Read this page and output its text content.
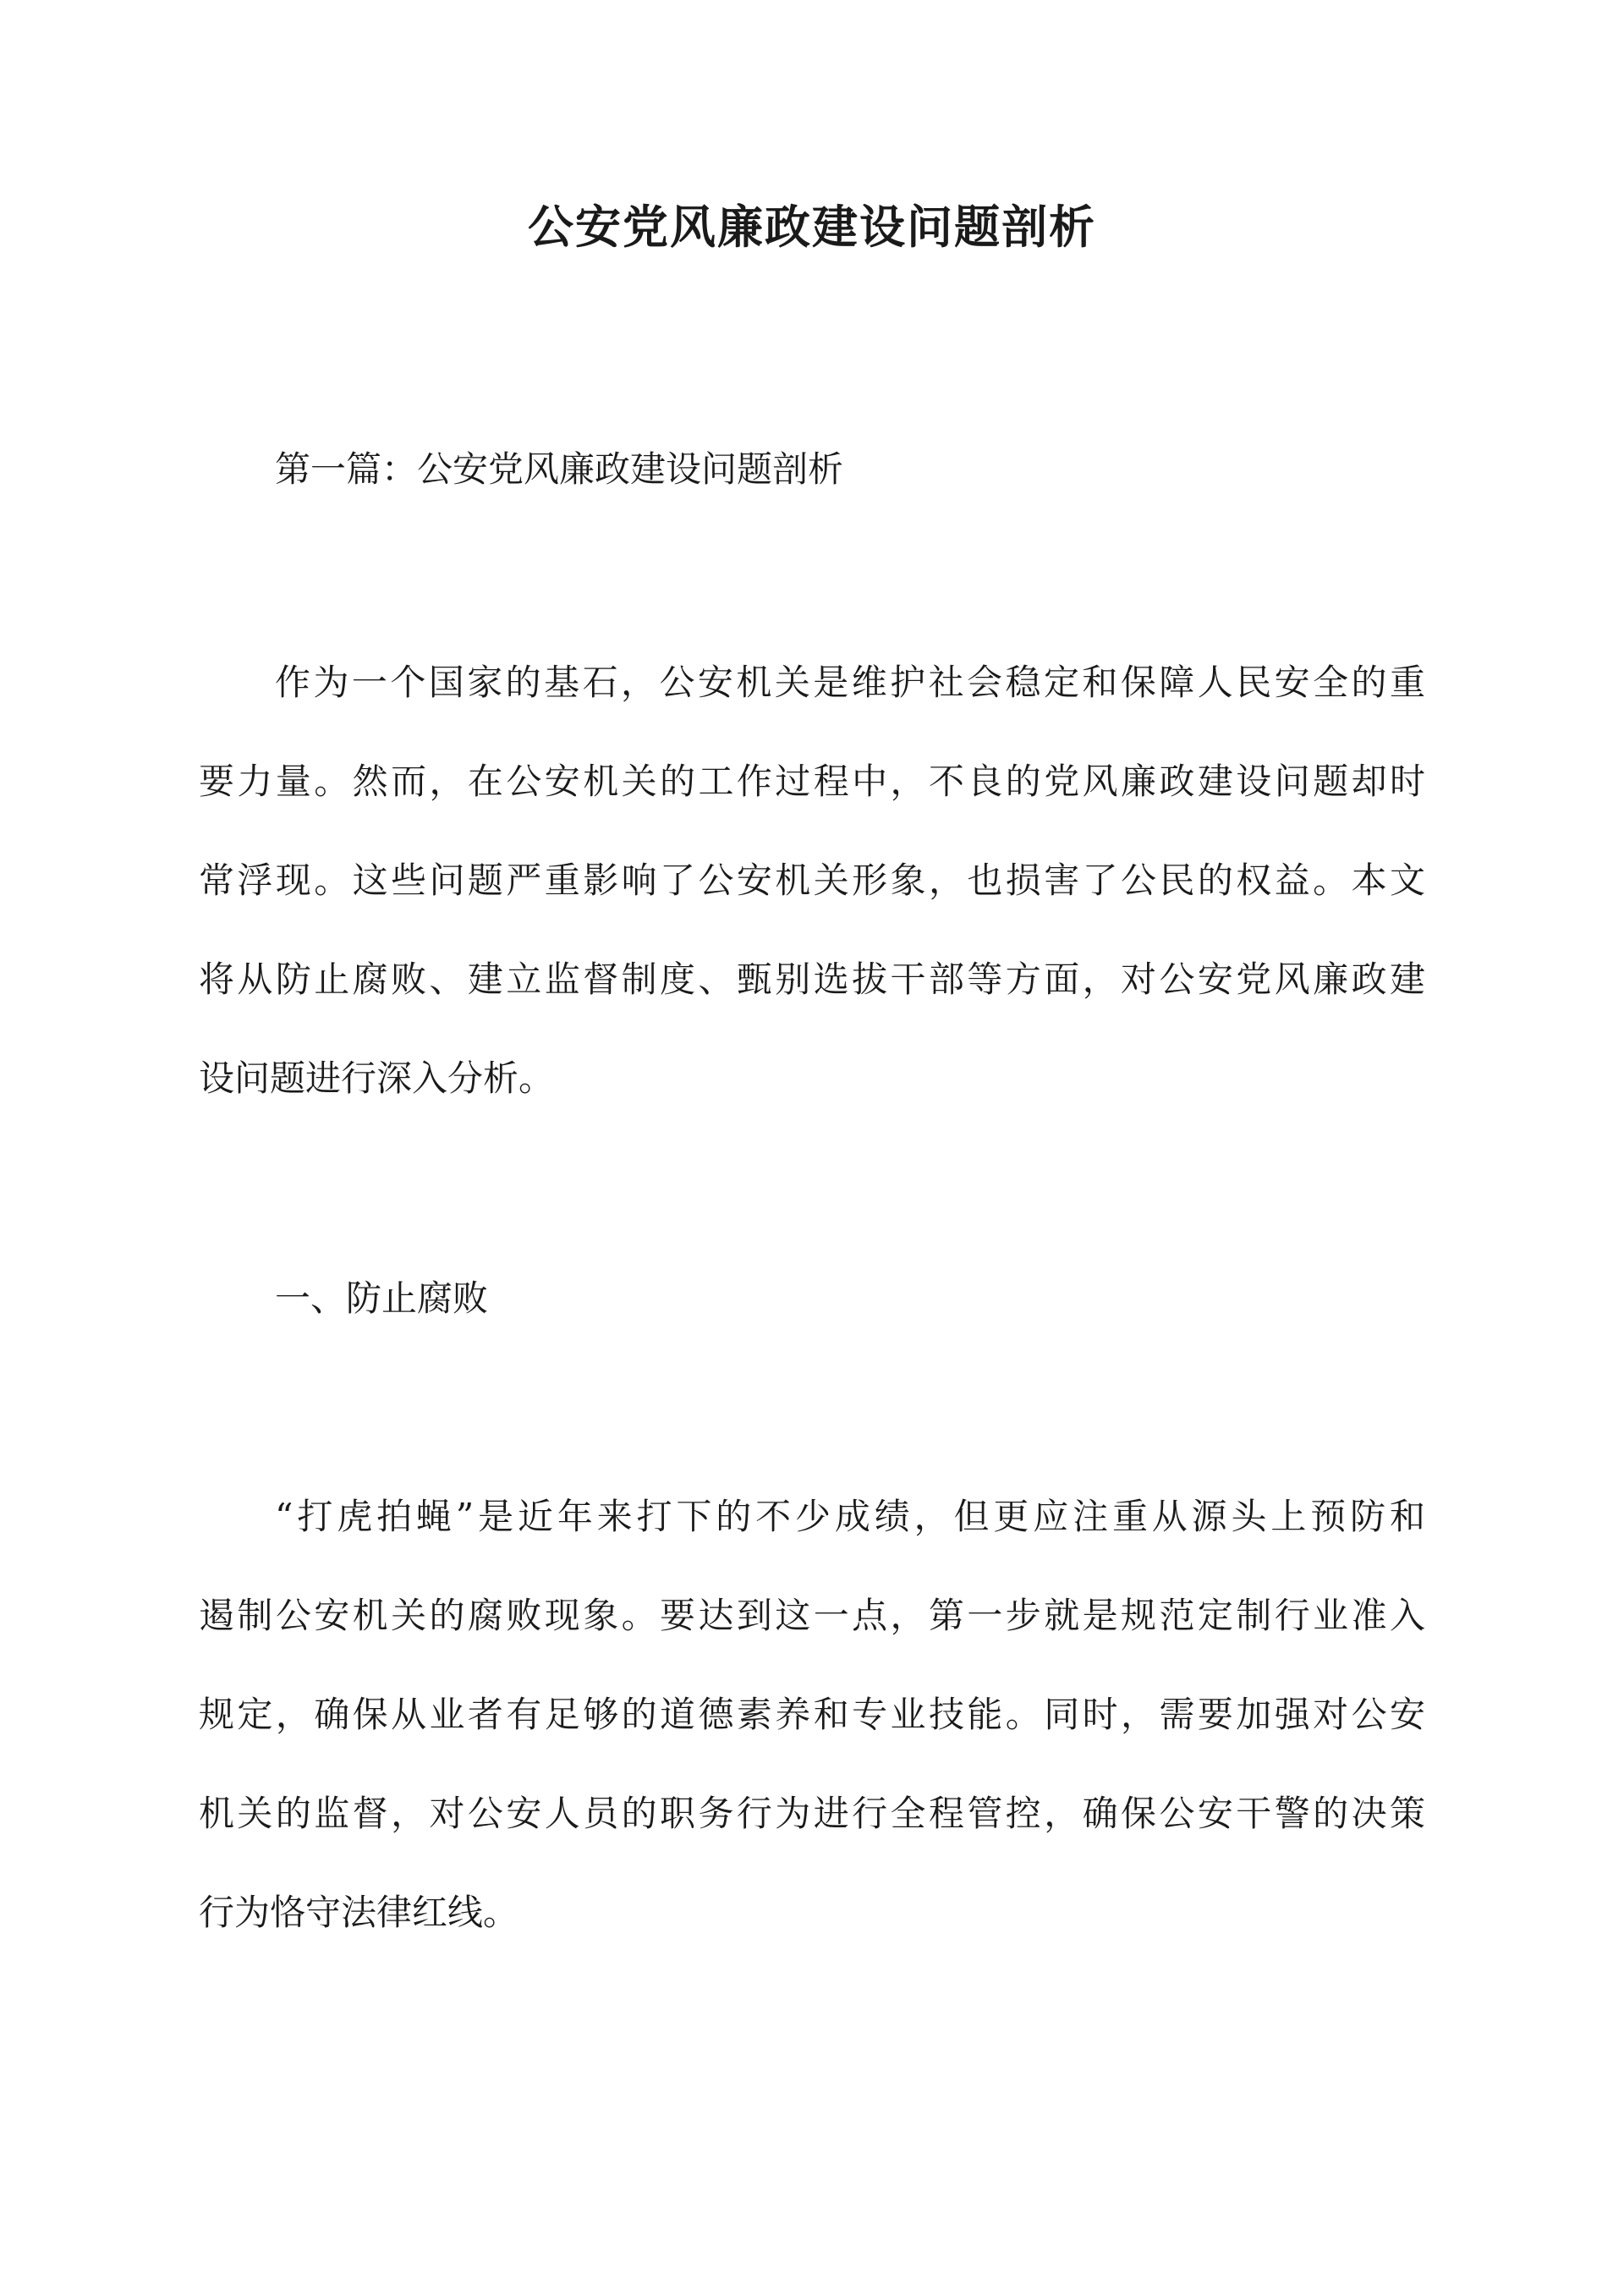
公安党风廉政建设问题剖析

第一篇：公安党风廉政建设问题剖析

作为一个国家的基石，公安机关是维护社会稳定和保障人民安全的重
要力量。然而，在公安机关的工作过程中，不良的党风廉政建设问题却时
常浮现。这些问题严重影响了公安机关形象，也损害了公民的权益。本文
将从防止腐败、建立监督制度、甄别选拔干部等方面，对公安党风廉政建
设问题进行深入分析。

一、防止腐败

“打虎拍蝇”是近年来打下的不少成绩，但更应注重从源头上预防和
遏制公安机关的腐败现象。要达到这一点，第一步就是规范定制行业准入
规定，确保从业者有足够的道德素养和专业技能。同时，需要加强对公安
机关的监督，对公安人员的职务行为进行全程管控，确保公安干警的决策
行为恪守法律红线。
